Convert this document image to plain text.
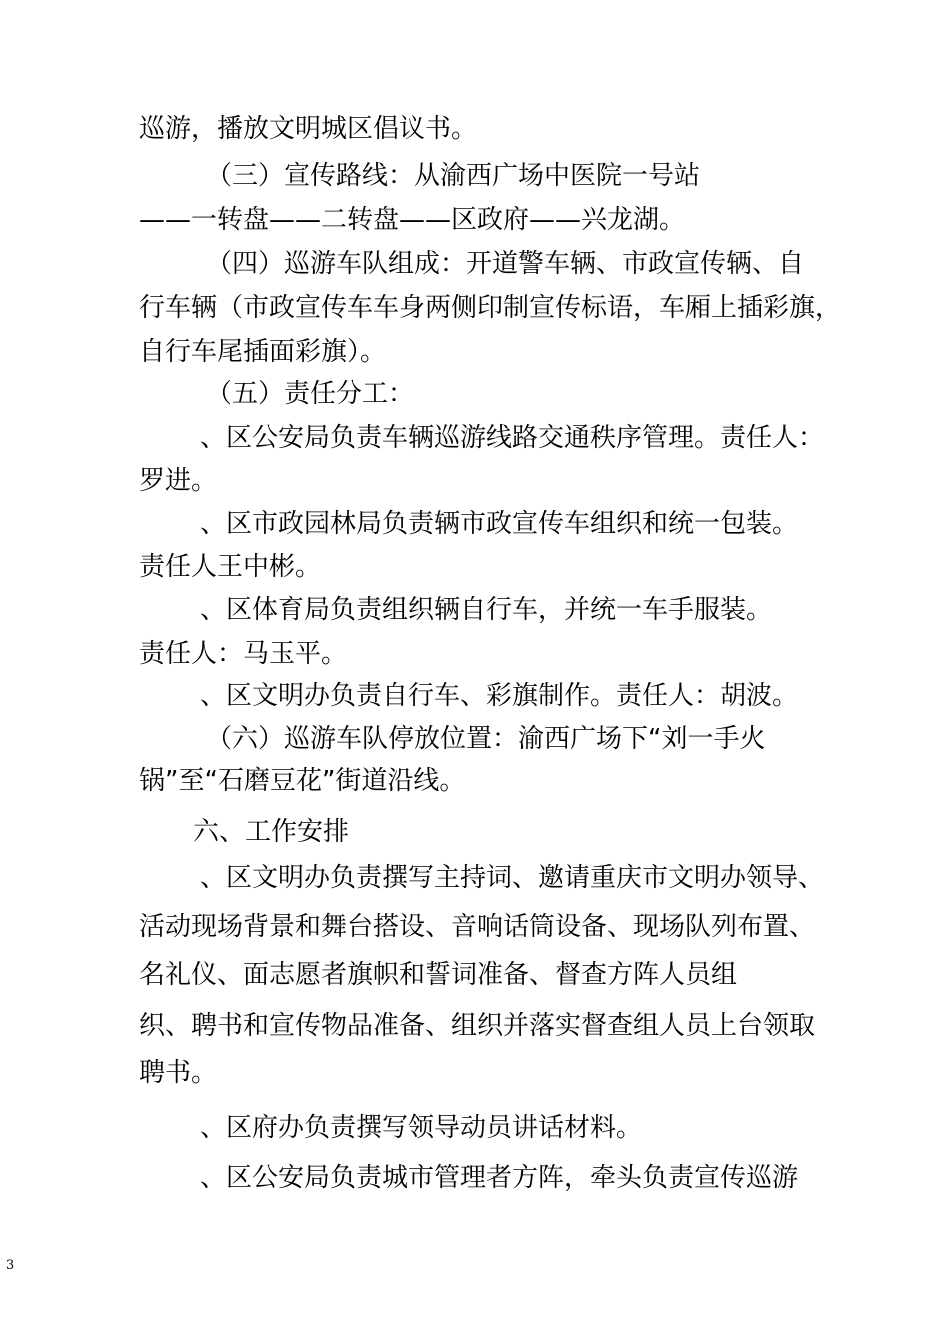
巡游，播放文明城区倡议书。
（三）宣传路线：从渝西广场中医院一号站
——一转盘——二转盘——区政府——兴龙湖。
（四）巡游车队组成：开道警车辆、市政宣传辆、自
行车辆（市政宣传车车身两侧印制宣传标语，车厢上插彩旗，
自行车尾插面彩旗）。
（五）责任分工：
、区公安局负责车辆巡游线路交通秩序管理。责任人：
罗进。
、区市政园林局负责辆市政宣传车组织和统一包装。
责任人王中彬。
、区体育局负责组织辆自行车，并统一车手服装。
责任人：马玉平。
、区文明办负责自行车、彩旗制作。责任人：胡波。
（六）巡游车队停放位置：渝西广场下“刘一手火
锅”至“石磨豆花”街道沿线。
六、工作安排
、区文明办负责撰写主持词、邀请重庆市文明办领导、
活动现场背景和舞台搭设、音响话筒设备、现场队列布置、
名礼仪、面志愿者旗帜和誓词准备、督查方阵人员组
织、聘书和宣传物品准备、组织并落实督查组人员上台领取
聘书。
、区府办负责撰写领导动员讲话材料。
、区公安局负责城市管理者方阵，牵头负责宣传巡游
3
